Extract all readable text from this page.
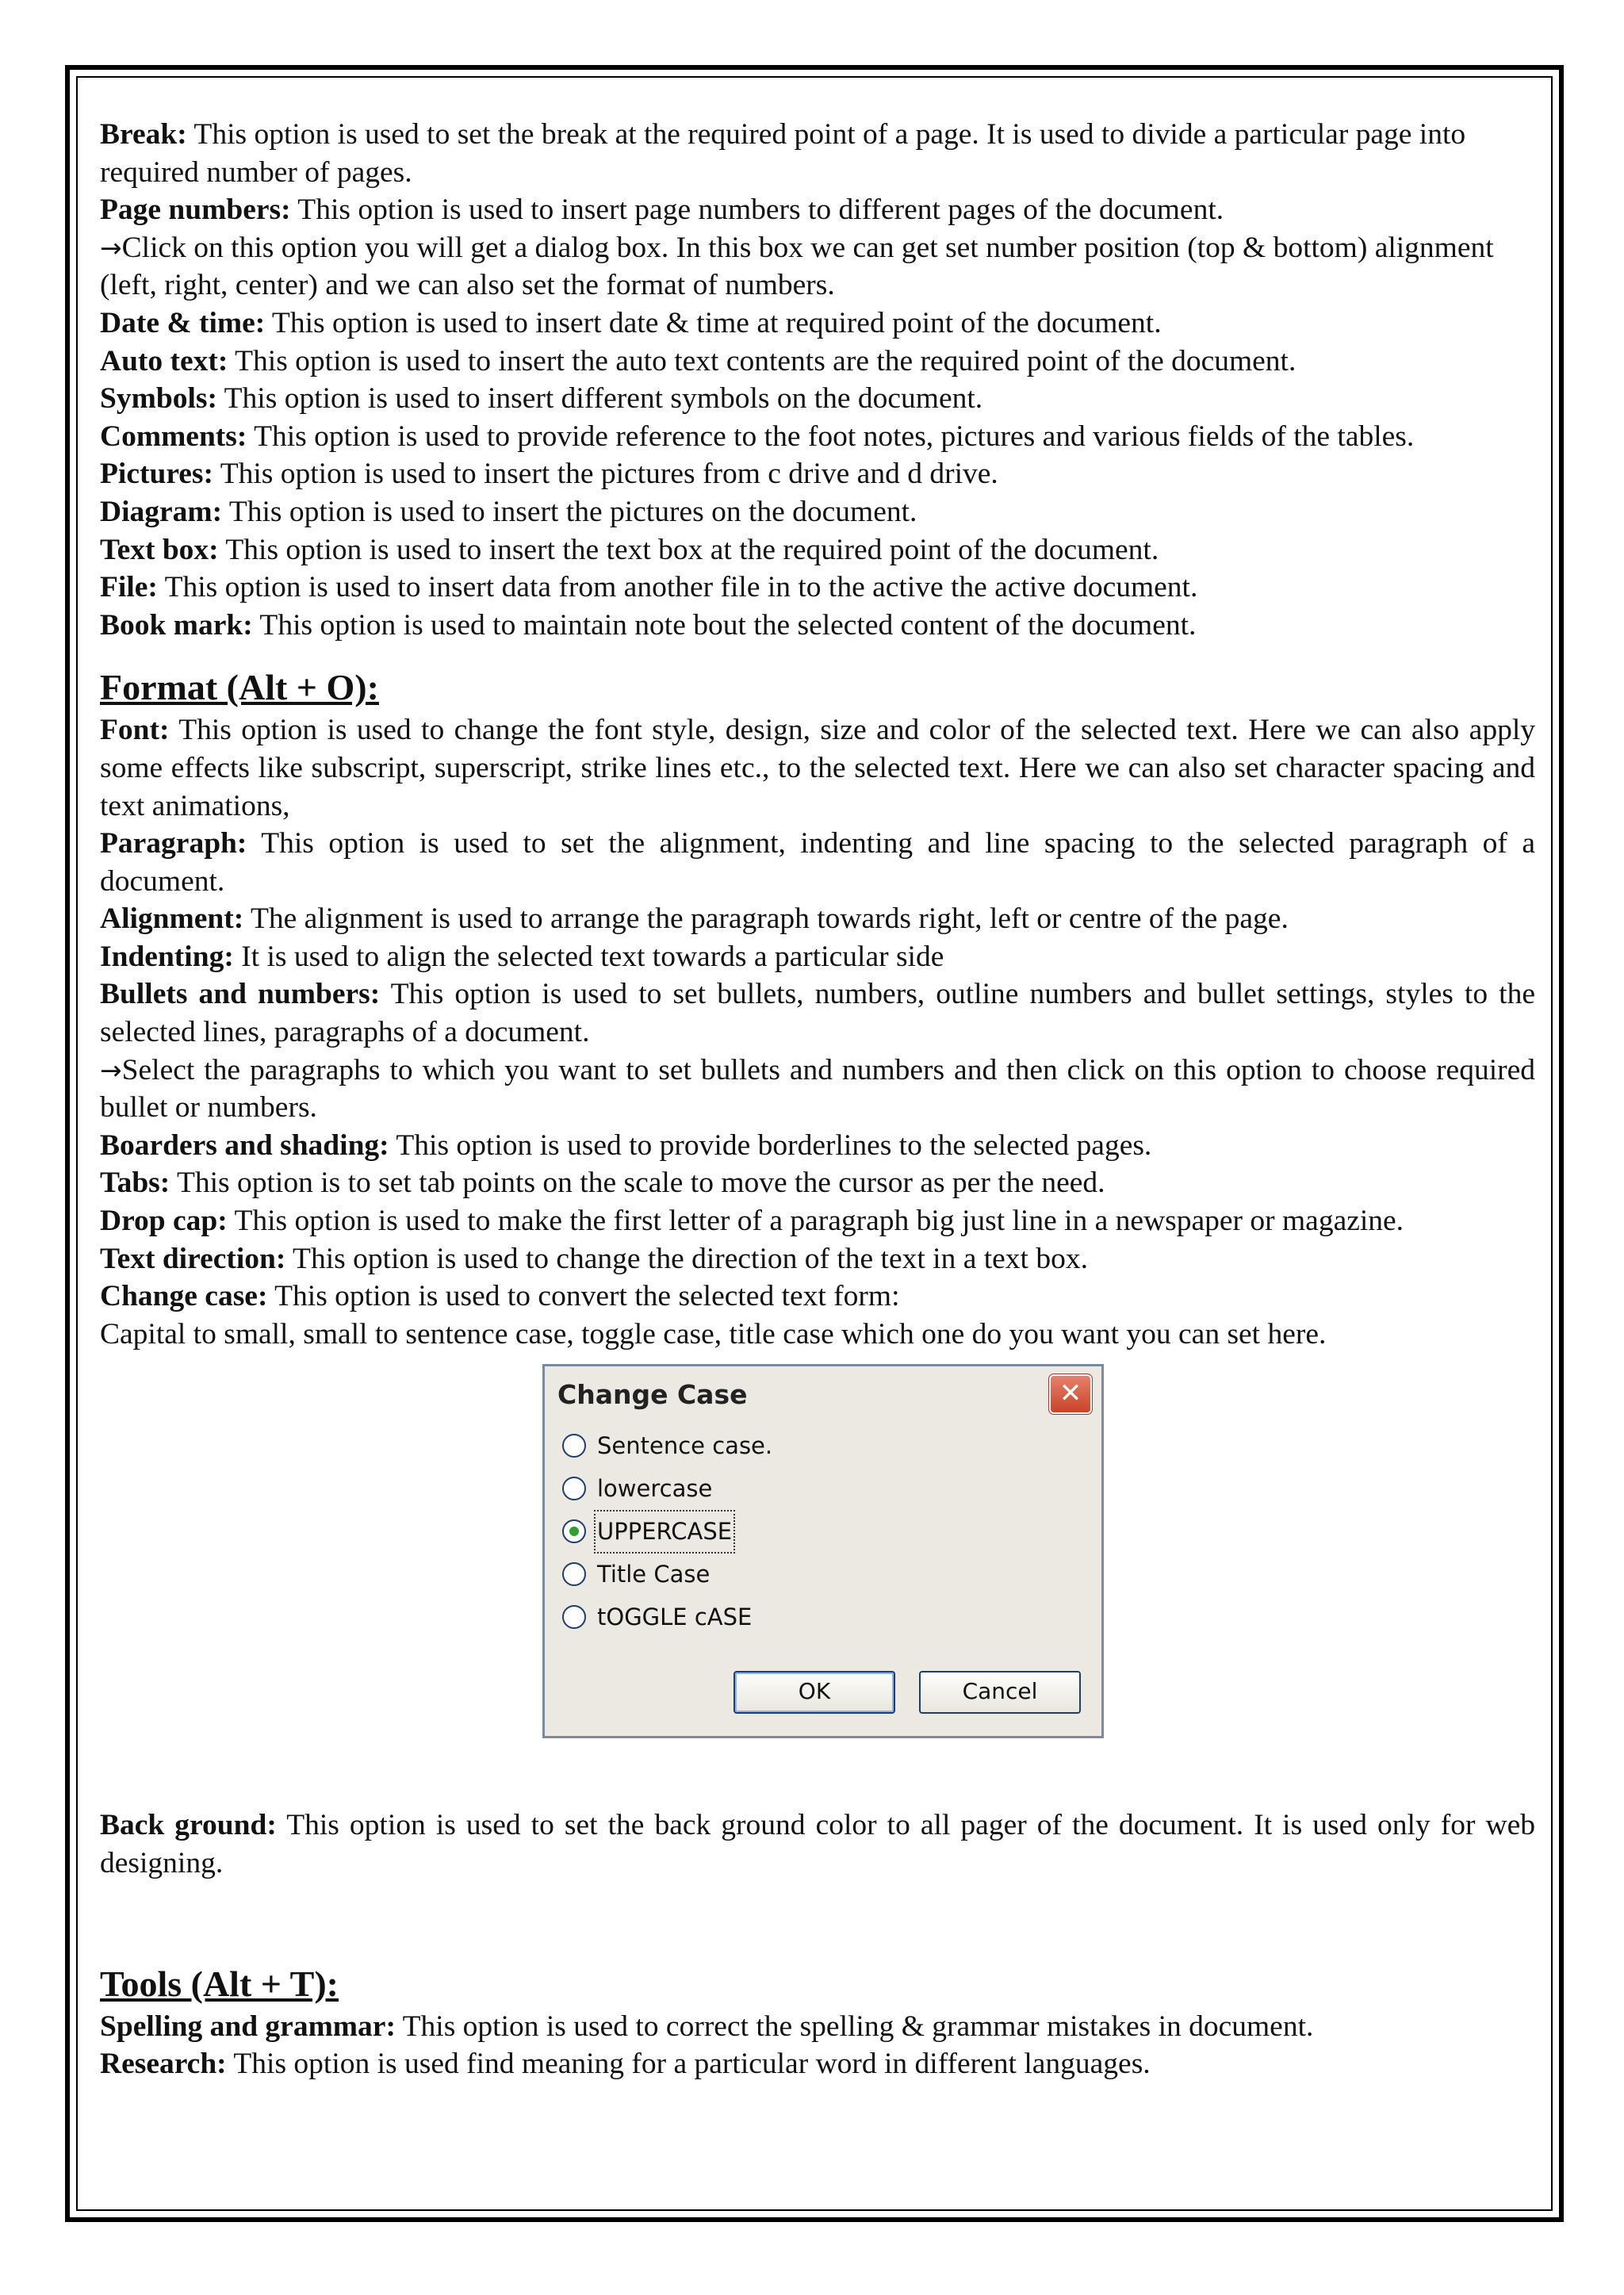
Break: This option is used to set the break at the required point of a page. It is used to divide a particular page into required number of pages.

Page numbers: This option is used to insert page numbers to different pages of the document.

→Click on this option you will get a dialog box. In this box we can get set number position (top & bottom) alignment (left, right, center) and we can also set the format of numbers.

Date & time: This option is used to insert date & time at required point of the document.

Auto text: This option is used to insert the auto text contents are the required point of the document.

Symbols: This option is used to insert different symbols on the document.

Comments: This option is used to provide reference to the foot notes, pictures and various fields of the tables.

Pictures: This option is used to insert the pictures from c drive and d drive.

Diagram: This option is used to insert the pictures on the document.

Text box: This option is used to insert the text box at the required point of the document.

File: This option is used to insert data from another file in to the active the active document.

Book mark: This option is used to maintain note bout the selected content of the document.

Format (Alt + O):

Font: This option is used to change the font style, design, size and color of the selected text. Here we can also apply some effects like subscript, superscript, strike lines etc., to the selected text. Here we can also set character spacing and text animations,

Paragraph: This option is used to set the alignment, indenting and line spacing to the selected paragraph of a document.

Alignment: The alignment is used to arrange the paragraph towards right, left or centre of the page.

Indenting: It is used to align the selected text towards a particular side

Bullets and numbers: This option is used to set bullets, numbers, outline numbers and bullet settings, styles to the selected lines, paragraphs of a document.

→Select the paragraphs to which you want to set bullets and numbers and then click on this option to choose required bullet or numbers.

Boarders and shading: This option is used to provide borderlines to the selected pages.

Tabs: This option is to set tab points on the scale to move the cursor as per the need.

Drop cap: This option is used to make the first letter of a paragraph big just line in a newspaper or magazine.

Text direction: This option is used to change the direction of the text in a text box.

Change case: This option is used to convert the selected text form:

Capital to small, small to sentence case, toggle case, title case which one do you want you can set here.

Change Case	✕
Sentence case.
lowercase
UPPERCASE
Title Case
tOGGLE cASE
OK	Cancel

Back ground: This option is used to set the back ground color to all pager of the document. It is used only for web designing.

Tools (Alt + T):

Spelling and grammar: This option is used to correct the spelling & grammar mistakes in document.

Research: This option is used find meaning for a particular word in different languages.
